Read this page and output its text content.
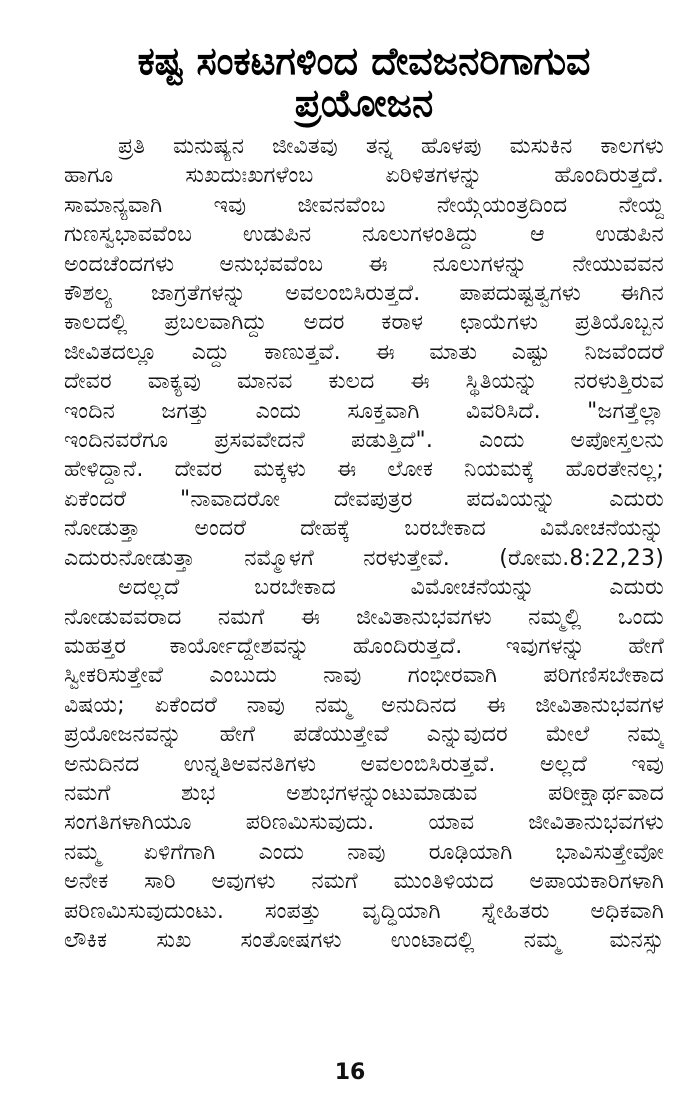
ಕಷ್ಟ ಸಂಕಟಗಳಿಂದ ದೇವಜನರಿಗಾಗುವ
ಪ್ರಯೋಜನ
ಪ್ರತಿ ಮನುಷ್ಯನ ಜೀವಿತವು ತನ್ನ ಹೊಳಪು ಮಸುಕಿನ ಕಾಲಗಳು
ಹಾಗೂ ಸುಖದುಃಖಗಳೆಂಬ ಏರಿಳಿತಗಳನ್ನು ಹೊಂದಿರುತ್ತದೆ.
ಸಾಮಾನ್ಯವಾಗಿ ಇವು ಜೀವನವೆಂಬ ನೇಯ್ಗೆಯಂತ್ರದಿಂದ ನೇಯ್ದ
ಗುಣಸ್ವಭಾವವೆಂಬ ಉಡುಪಿನ ನೂಲುಗಳಂತಿದ್ದು ಆ ಉಡುಪಿನ
ಅಂದಚೆಂದಗಳು ಅನುಭವವೆಂಬ ಈ ನೂಲುಗಳನ್ನು ನೇಯುವವನ
ಕೌಶಲ್ಯ ಜಾಗ್ರತೆಗಳನ್ನು ಅವಲಂಬಿಸಿರುತ್ತದೆ. ಪಾಪದುಷ್ಟತ್ವಗಳು ಈಗಿನ
ಕಾಲದಲ್ಲಿ ಪ್ರಬಲವಾಗಿದ್ದು ಅದರ ಕರಾಳ ಛಾಯೆಗಳು ಪ್ರತಿಯೊಬ್ಬನ
ಜೀವಿತದಲ್ಲೂ ಎದ್ದು ಕಾಣುತ್ತವೆ. ಈ ಮಾತು ಎಷ್ಟು ನಿಜವೆಂದರೆ
ದೇವರ ವಾಕ್ಯವು ಮಾನವ ಕುಲದ ಈ ಸ್ಥಿತಿಯನ್ನು ನರಳುತ್ತಿರುವ
ಇಂದಿನ ಜಗತ್ತು ಎಂದು ಸೂಕ್ತವಾಗಿ ವಿವರಿಸಿದೆ. "ಜಗತ್ತೆಲ್ಲಾ
ಇಂದಿನವರೆಗೂ ಪ್ರಸವವೇದನೆ ಪಡುತ್ತಿದೆ". ಎಂದು ಅಪೋಸ್ತಲನು
ಹೇಳಿದ್ದಾನೆ. ದೇವರ ಮಕ್ಕಳು ಈ ಲೋಕ ನಿಯಮಕ್ಕೆ ಹೊರತೇನಲ್ಲ;
ಏಕೆಂದರೆ "ನಾವಾದರೋ ದೇವಪುತ್ರರ ಪದವಿಯನ್ನು ಎದುರು
ನೋಡುತ್ತಾ ಅಂದರೆ ದೇಹಕ್ಕೆ ಬರಬೇಕಾದ ವಿಮೋಚನೆಯನ್ನು
ಎದುರುನೋಡುತ್ತಾ ನಮ್ಮೊಳಗೆ ನರಳುತ್ತೇವೆ. (ರೋಮ.8:22,23)
ಅದಲ್ಲದೆ ಬರಬೇಕಾದ ವಿಮೋಚನೆಯನ್ನು ಎದುರು
ನೋಡುವವರಾದ ನಮಗೆ ಈ ಜೀವಿತಾನುಭವಗಳು ನಮ್ಮಲ್ಲಿ ಒಂದು
ಮಹತ್ತರ ಕಾರ್ಯೋದ್ದೇಶವನ್ನು ಹೊಂದಿರುತ್ತದೆ. ಇವುಗಳನ್ನು ಹೇಗೆ
ಸ್ವೀಕರಿಸುತ್ತೇವೆ ಎಂಬುದು ನಾವು ಗಂಭೀರವಾಗಿ ಪರಿಗಣಿಸಬೇಕಾದ
ವಿಷಯ; ಏಕೆಂದರೆ ನಾವು ನಮ್ಮ ಅನುದಿನದ ಈ ಜೀವಿತಾನುಭವಗಳ
ಪ್ರಯೋಜನವನ್ನು ಹೇಗೆ ಪಡೆಯುತ್ತೇವೆ ಎನ್ನುವುದರ ಮೇಲೆ ನಮ್ಮ
ಅನುದಿನದ ಉನ್ನತಿಅವನತಿಗಳು ಅವಲಂಬಿಸಿರುತ್ತವೆ. ಅಲ್ಲದೆ ಇವು
ನಮಗೆ ಶುಭ ಅಶುಭಗಳನ್ನುಂಟುಮಾಡುವ ಪರೀಕ್ಷಾರ್ಥವಾದ
ಸಂಗತಿಗಳಾಗಿಯೂ ಪರಿಣಮಿಸುವುದು. ಯಾವ ಜೀವಿತಾನುಭವಗಳು
ನಮ್ಮ ಏಳಿಗೆಗಾಗಿ ಎಂದು ನಾವು ರೂಢಿಯಾಗಿ ಭಾವಿಸುತ್ತೇವೋ
ಅನೇಕ ಸಾರಿ ಅವುಗಳು ನಮಗೆ ಮುಂತಿಳಿಯದ ಅಪಾಯಕಾರಿಗಳಾಗಿ
ಪರಿಣಮಿಸುವುದುಂಟು. ಸಂಪತ್ತು ವೃದ್ಧಿಯಾಗಿ ಸ್ನೇಹಿತರು ಅಧಿಕವಾಗಿ
ಲೌಕಿಕ ಸುಖ ಸಂತೋಷಗಳು ಉಂಟಾದಲ್ಲಿ ನಮ್ಮ ಮನಸ್ಸು
16
